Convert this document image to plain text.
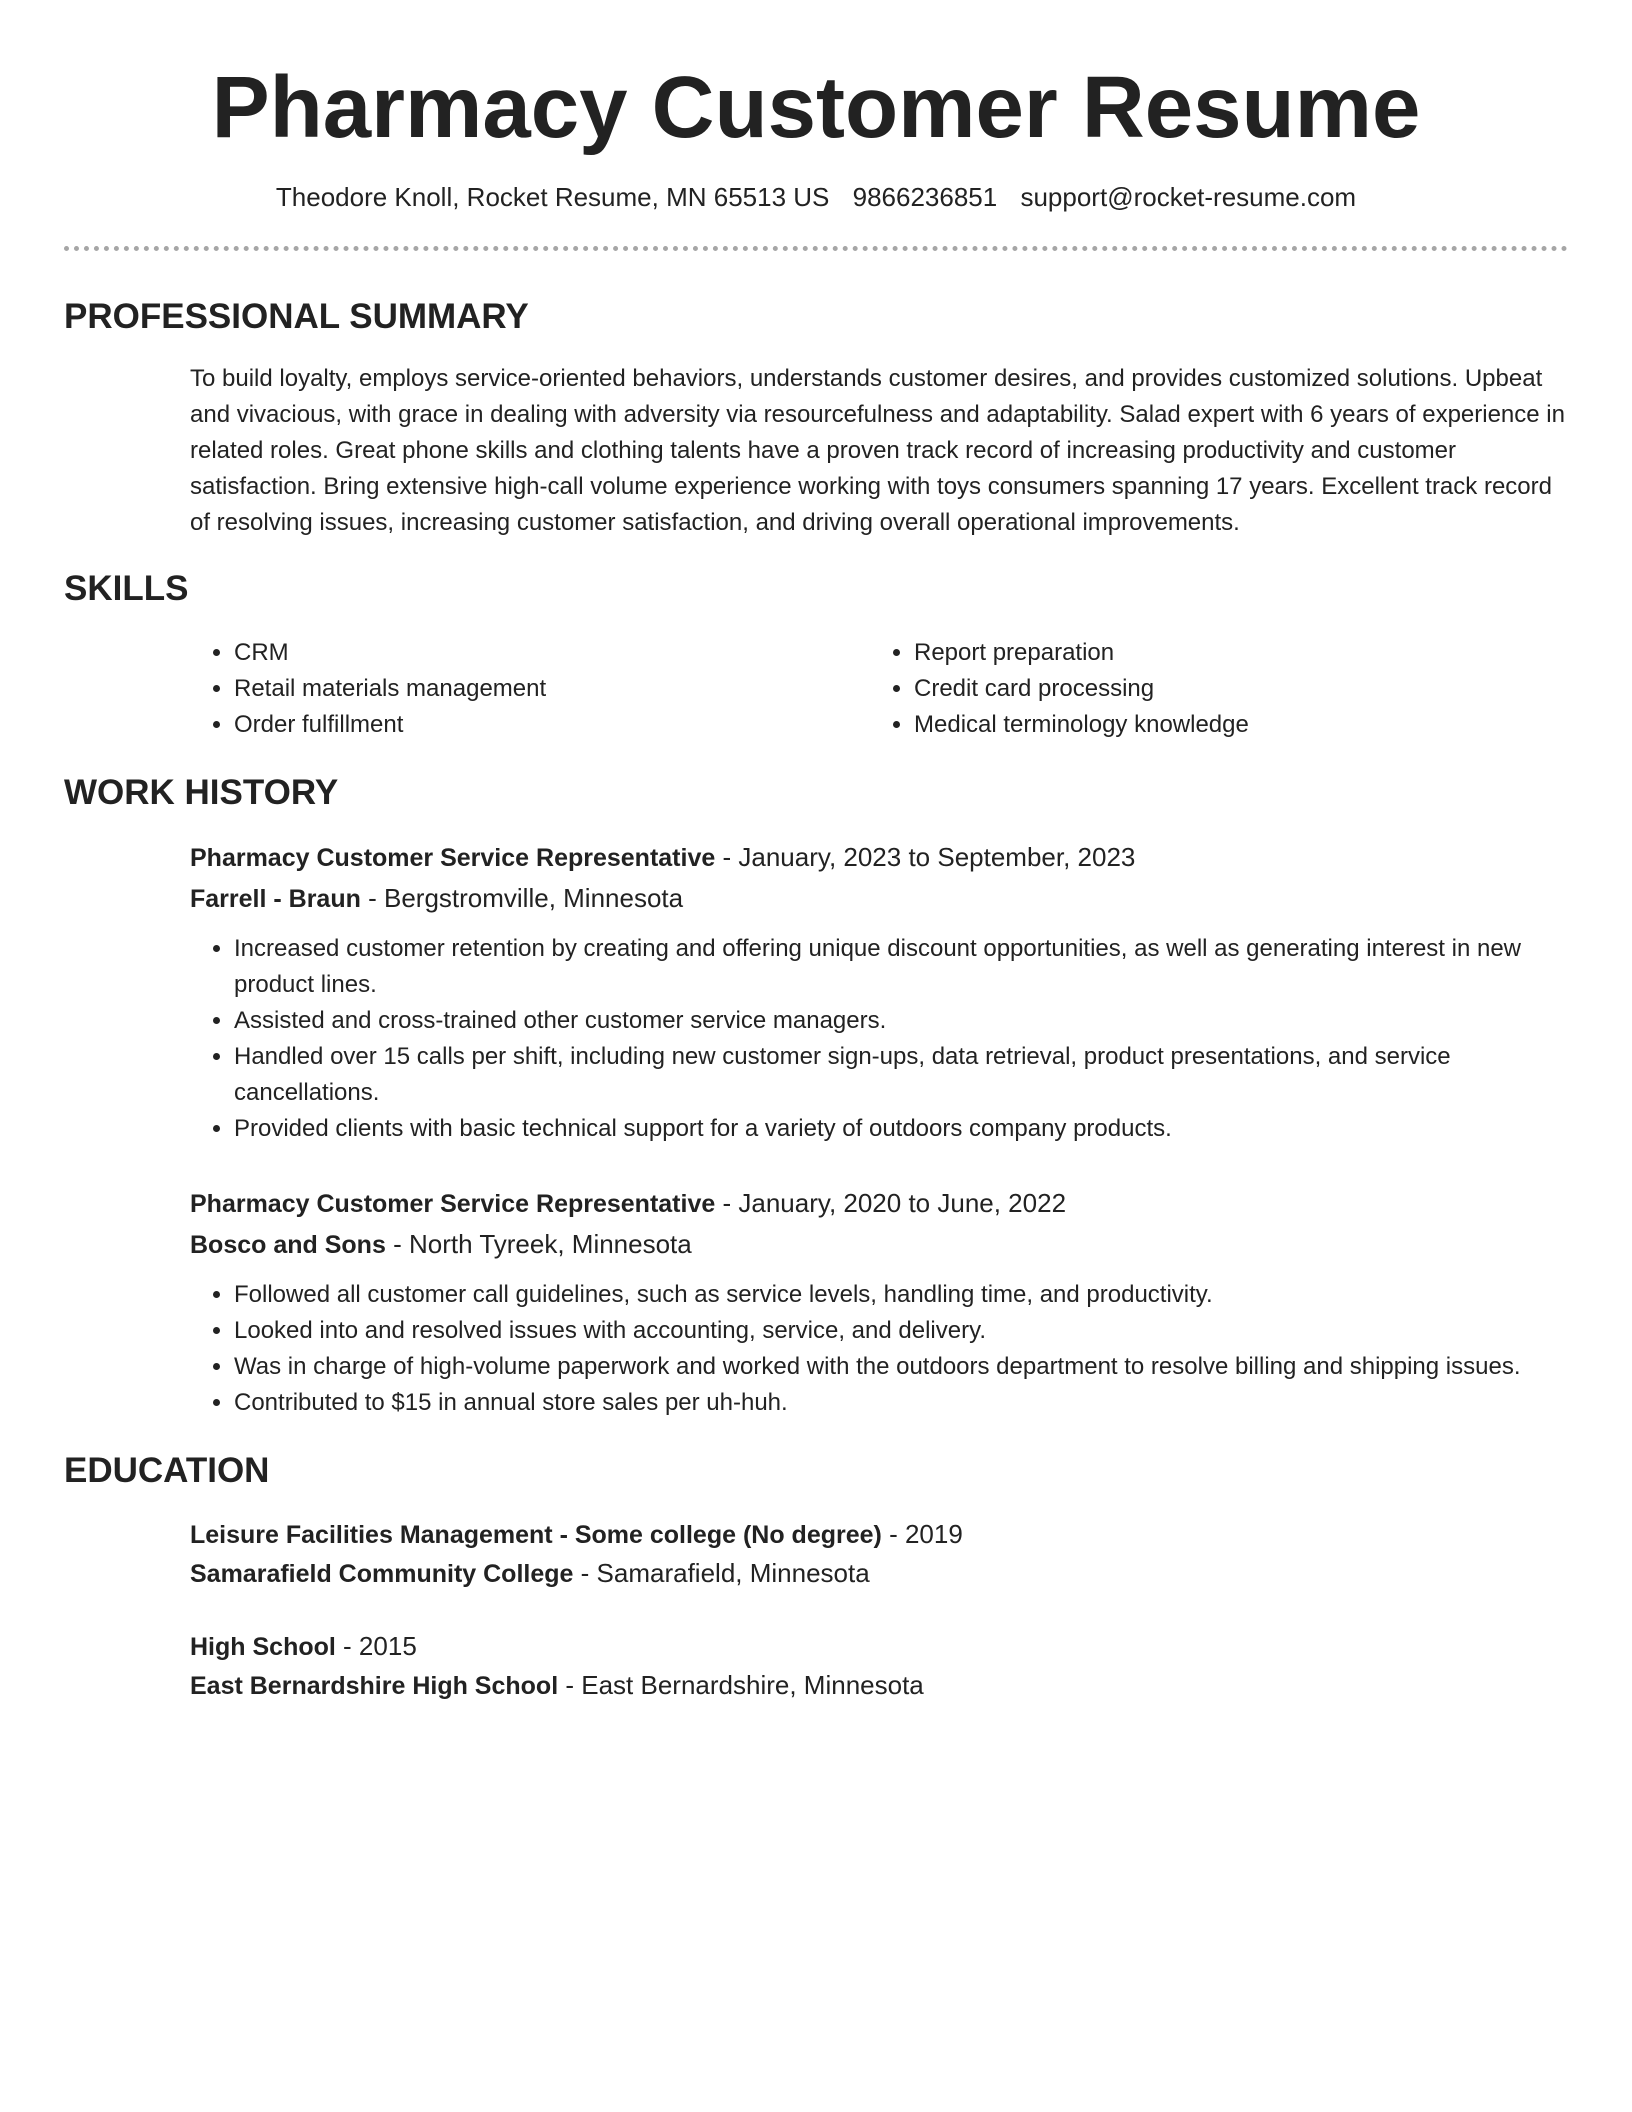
Pharmacy Customer Resume
Theodore Knoll, Rocket Resume, MN 65513 US 9866236851 support@rocket-resume.com
PROFESSIONAL SUMMARY
To build loyalty, employs service-oriented behaviors, understands customer desires, and provides customized solutions. Upbeat and vivacious, with grace in dealing with adversity via resourcefulness and adaptability. Salad expert with 6 years of experience in related roles. Great phone skills and clothing talents have a proven track record of increasing productivity and customer satisfaction. Bring extensive high-call volume experience working with toys consumers spanning 17 years. Excellent track record of resolving issues, increasing customer satisfaction, and driving overall operational improvements.
SKILLS
• CRM
• Retail materials management
• Order fulfillment
• Report preparation
• Credit card processing
• Medical terminology knowledge
WORK HISTORY
Pharmacy Customer Service Representative - January, 2023 to September, 2023
Farrell - Braun - Bergstromville, Minnesota
• Increased customer retention by creating and offering unique discount opportunities, as well as generating interest in new product lines.
• Assisted and cross-trained other customer service managers.
• Handled over 15 calls per shift, including new customer sign-ups, data retrieval, product presentations, and service cancellations.
• Provided clients with basic technical support for a variety of outdoors company products.
Pharmacy Customer Service Representative - January, 2020 to June, 2022
Bosco and Sons - North Tyreek, Minnesota
• Followed all customer call guidelines, such as service levels, handling time, and productivity.
• Looked into and resolved issues with accounting, service, and delivery.
• Was in charge of high-volume paperwork and worked with the outdoors department to resolve billing and shipping issues.
• Contributed to $15 in annual store sales per uh-huh.
EDUCATION
Leisure Facilities Management - Some college (No degree) - 2019
Samarafield Community College - Samarafield, Minnesota
High School - 2015
East Bernardshire High School - East Bernardshire, Minnesota
